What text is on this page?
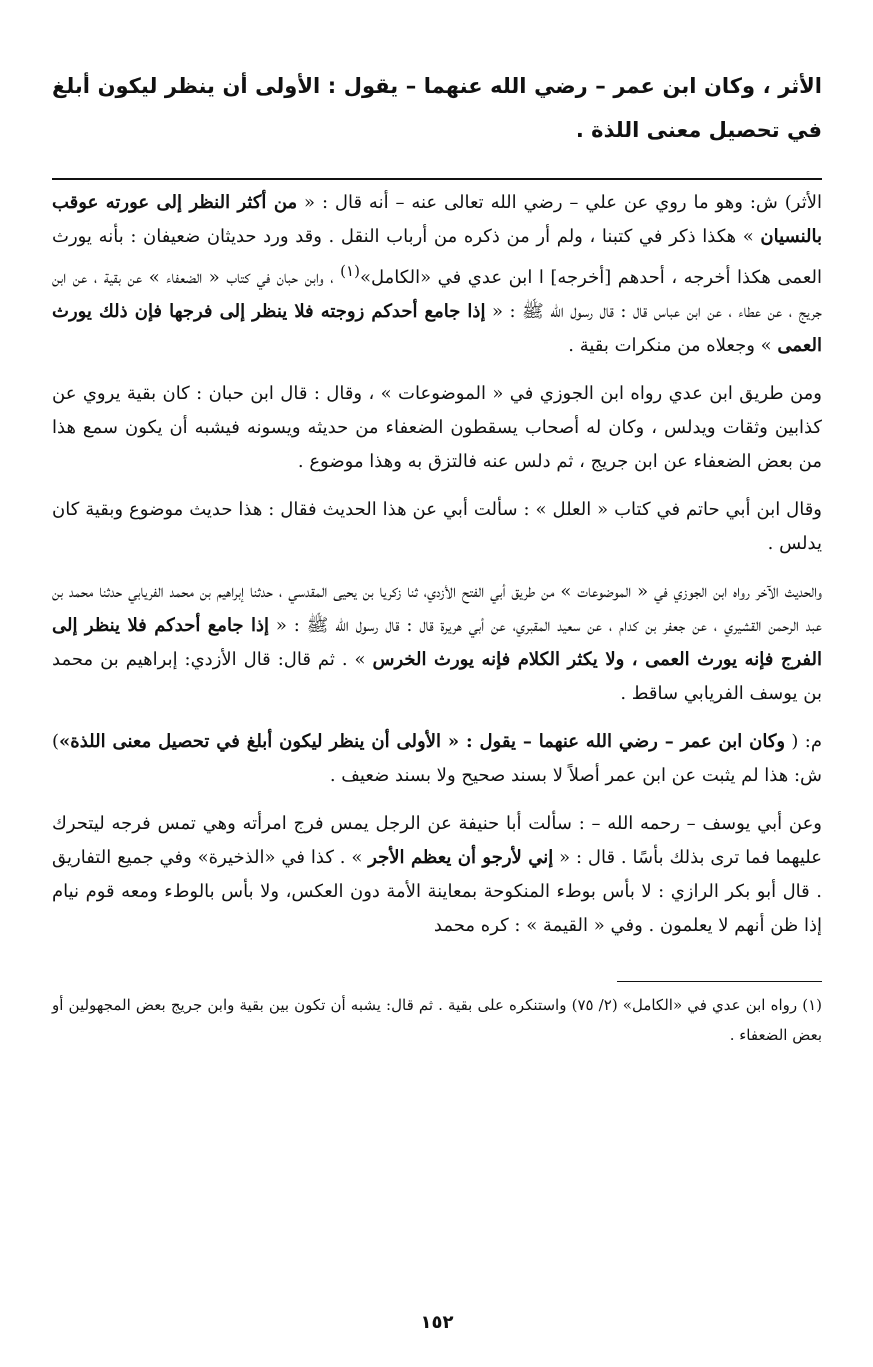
الأثر ، وكان ابن عمر – رضي الله عنهما – يقول : الأولى أن ينظر ليكون أبلغ في تحصيل معنى اللذة .

الأثر) ش: وهو ما روي عن علي – رضي الله تعالى عنه – أنه قال : « من أكثر النظر إلى عورته عوقب بالنسيان » هكذا ذكر في كتبنا ، ولم أر من ذكره من أرباب النقل . وقد ورد حديثان ضعيفان : بأنه يورث العمى هكذا أخرجه ، أحدهم [أخرجه] ا ابن عدي في «الكامل»$^{(١)}$ ، وابن حبان في كتاب « الضعفاء » عن بقية ، عن ابن جريج ، عن عطاء ، عن ابن عباس قال : قال رسول الله ﷺ : « إذا جامع أحدكم زوجته فلا ينظر إلى فرجها فإن ذلك يورث العمى » وجعلاه من منكرات بقية .

ومن طريق ابن عدي رواه ابن الجوزي في « الموضوعات » ، وقال : قال ابن حبان : كان بقية يروي عن كذابين وثقات ويدلس ، وكان له أصحاب يسقطون الضعفاء من حديثه ويسونه فيشبه أن يكون سمع هذا من بعض الضعفاء عن ابن جريج ، ثم دلس عنه فالتزق به وهذا موضوع .

وقال ابن أبي حاتم في كتاب « العلل » : سألت أبي عن هذا الحديث فقال : هذا حديث موضوع وبقية كان يدلس .

والحديث الآخر رواه ابن الجوزي في « الموضوعات » من طريق أبي الفتح الأزدي، ثنا زكريا بن يحيى المقدسي ، حدثنا إبراهيم بن محمد الفريابي حدثنا محمد بن عبد الرحمن القشيري ، عن جعفر بن كدام ، عن سعيد المقبري، عن أبي هريرة قال : قال رسول الله ﷺ : « إذا جامع أحدكم فلا ينظر إلى الفرج فإنه يورث العمى ، ولا يكثر الكلام فإنه يورث الخرس » . ثم قال: قال الأزدي: إبراهيم بن محمد بن يوسف الفريابي ساقط .

م: ( وكان ابن عمر – رضي الله عنهما – يقول : « الأولى أن ينظر ليكون أبلغ في تحصيل معنى اللذة») ش: هذا لم يثبت عن ابن عمر أصلاً لا بسند صحيح ولا بسند ضعيف .

وعن أبي يوسف – رحمه الله – : سألت أبا حنيفة عن الرجل يمس فرج امرأته وهي تمس فرجه ليتحرك عليهما فما ترى بذلك بأسًا . قال : « إني لأرجو أن يعظم الأجر » . كذا في «الذخيرة» وفي جميع التفاريق . قال أبو بكر الرازي : لا بأس بوطء المنكوحة بمعاينة الأمة دون العكس، ولا بأس بالوطء ومعه قوم نيام إذا ظن أنهم لا يعلمون . وفي « القيمة » : كره محمد

(١) رواه ابن عدي في «الكامل» (٢/ ٧٥) واستنكره على بقية . ثم قال: يشبه أن تكون بين بقية وابن جريج بعض المجهولين أو بعض الضعفاء .

١٥٢
